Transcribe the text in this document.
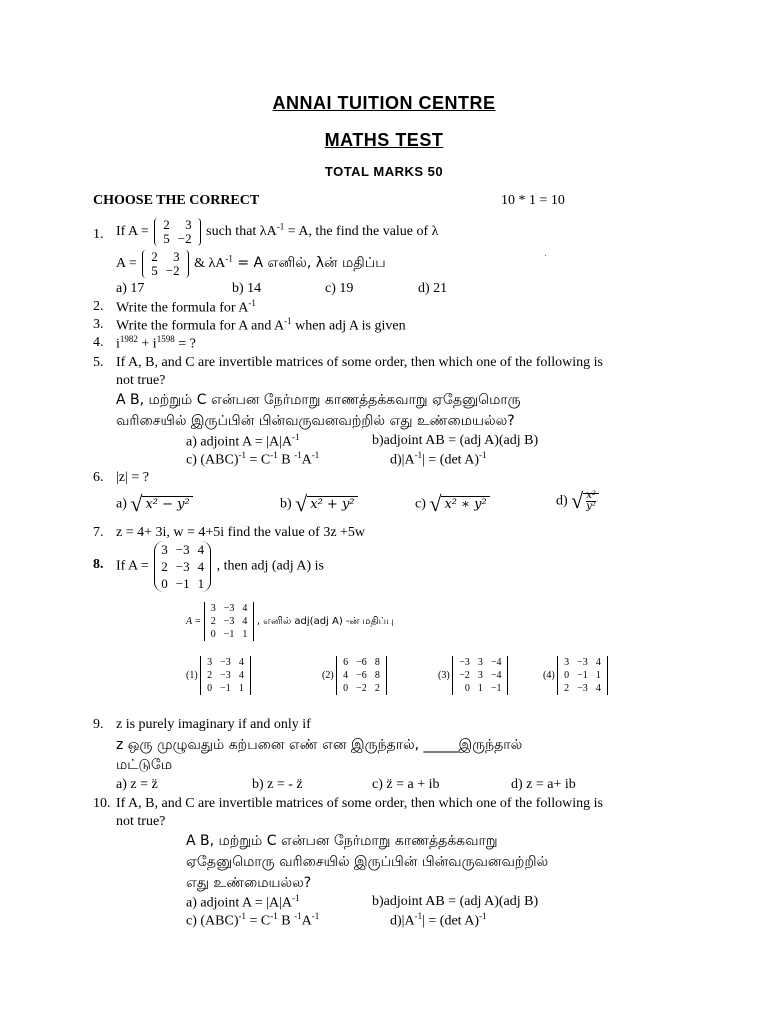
ANNAI TUITION CENTRE
MATHS TEST
TOTAL MARKS 50
CHOOSE THE CORRECT	10 * 1 = 10
1. If A = 2	3
5	−2 such that $\lambda A^{-1} = A$, the find the value of λ
A = 2	3
5	−2 & $\lambda A^{-1} = A$ எனில், λன் மதிப்ப
a) 17	b) 14	c) 19	d) 21
2. Write the formula for $A^{-1}$
3. Write the formula for A and $A^{-1}$ when adj A is given
4. $i^{1982} + i^{1598}$ = ?
5. If A, B, and C are invertible matrices of some order, then which one of the following is
not true?
A B, மற்றும் C என்பன நேர்மாறு காணத்தக்கவாறு ஏதேனுமொரு
வரிசையில் இருப்பின் பின்வருவனவற்றில் எது உண்மையல்ல?
a) adjoint $A = |A|A^{-1}$	b)adjoint AB = (adj A)(adj B)
c) $(ABC)^{-1} = C^{-1}$ B $^{-1}A^{-1}$	$d)|A^{-1}| = (\det$ A)$^{-1}$
6. |z| = ?
a) √ x² − y²	b) √ x² + y²	c) √ x² ∗ y²	d) √ $\frac{\text{x²}}{\text{y²}}$
7. z = 4+ 3i, w = 4+5i find the value of 3z +5w
8. If A =
3	−3	4
2	−3	4
0	−1	1
, then adj (adj A) is
A =
3	−3	4
2	−3	4
0	−1	1
, எனில் adj(adj A) -ன் மதிப்பு
(1)
3	−3	4
2	−3	4
0	−1	1
(2)
6	−6	8
4	−6	8
0	−2	2
(3)
−3	3	−4
−2	3	−4
0	1	−1
(4)
3	−3	4
0	−1	1
2	−3	4
9. z is purely imaginary if and only if
z ஒரு முழுவதும் கற்பனை எண் என இருந்தால், _____இருந்தால்
மட்டுமே
a) z = z̈	b) z = - z̈	c) z̈ = a + ib	d) z = a+ ib
10. If A, B, and C are invertible matrices of some order, then which one of the following is
not true?
A B, மற்றும் C என்பன நேர்மாறு காணத்தக்கவாறு
ஏதேனுமொரு வரிசையில் இருப்பின் பின்வருவனவற்றில்
எது உண்மையல்ல?
a) adjoint $A = |A|A^{-1}$	b)adjoint AB = (adj A)(adj B)
c) $(ABC)^{-1} = C^{-1}$ B $^{-1}A^{-1}$	$d)|A^{-1}| = (\det$ A)$^{-1}$
